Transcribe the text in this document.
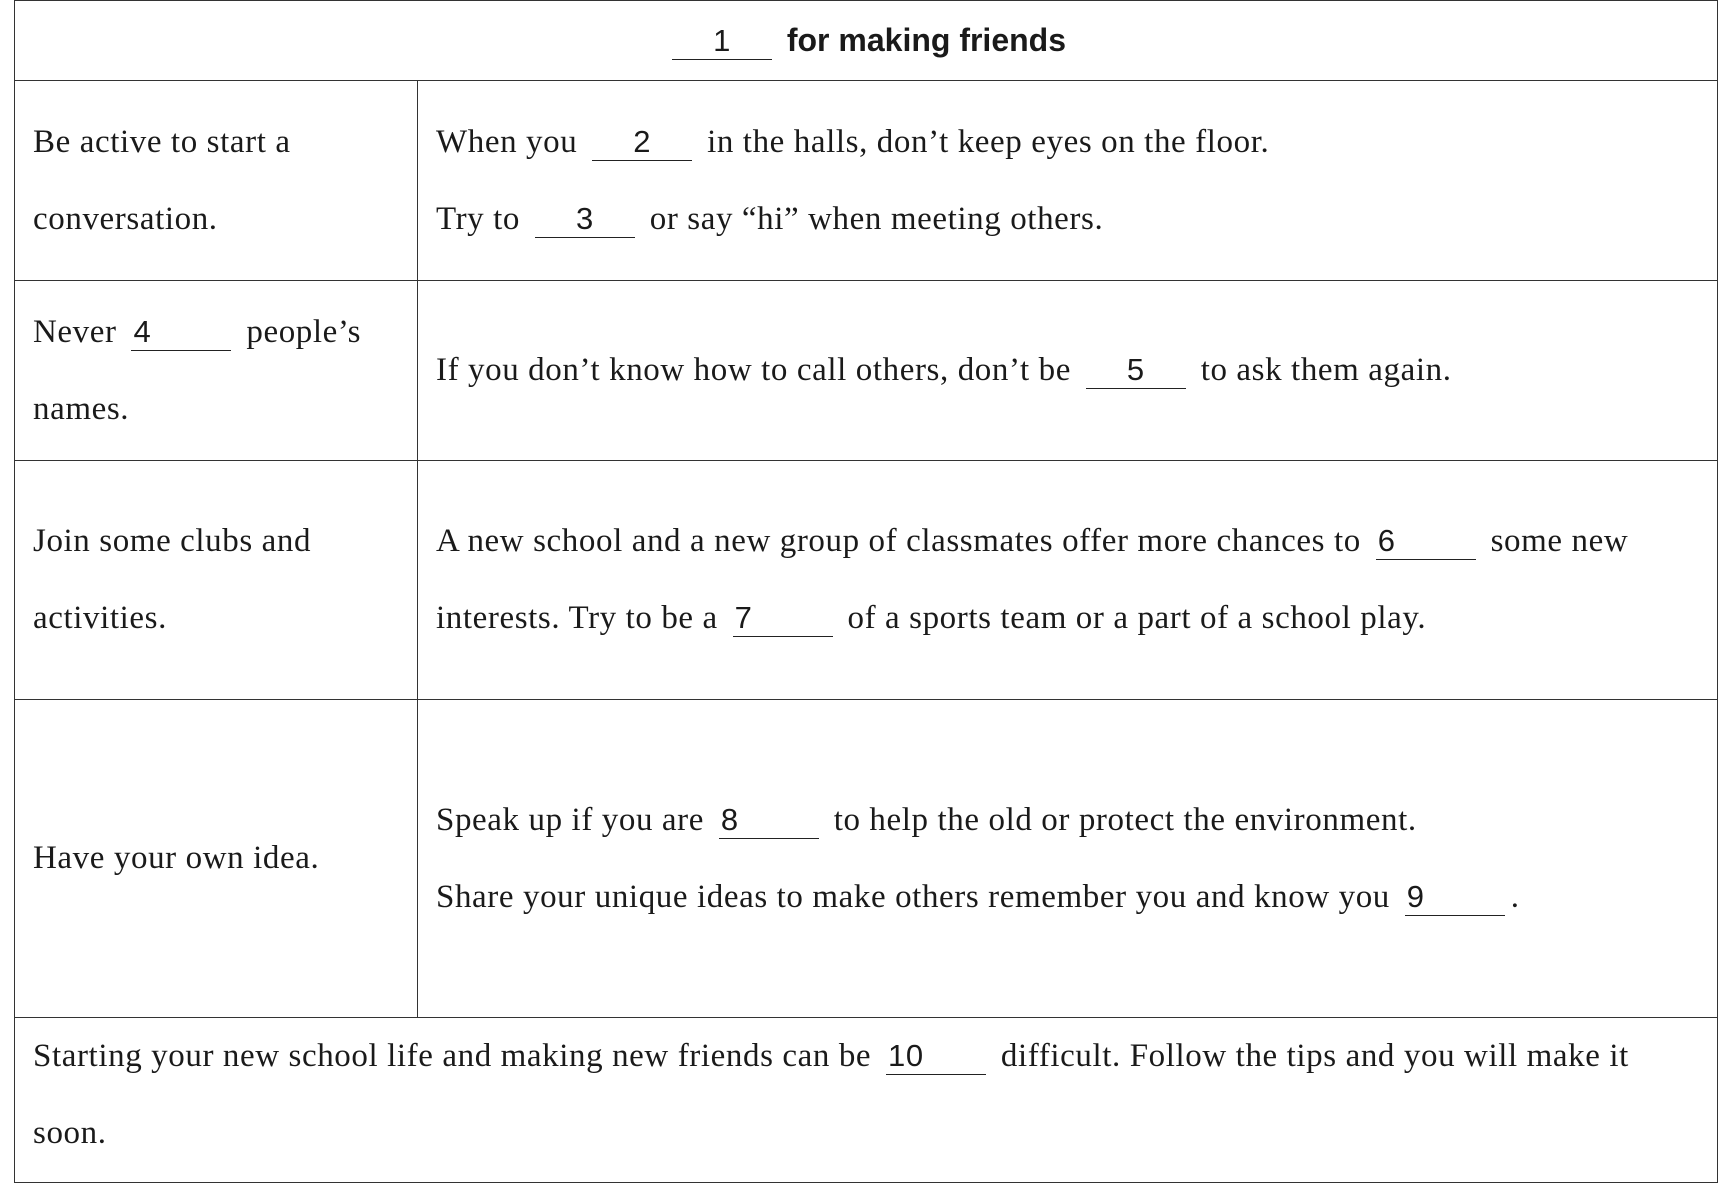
1 for making friends	
Be active to start a conversation.	When you 2 in the halls, don’t keep eyes on the floor.
Try to 3 or say “hi” when meeting others.

Never 4 people’s names.	If you don’t know how to call others, don’t be 5 to ask them again.
Join some clubs and activities.	A new school and a new group of classmates offer more chances to 6 some new interests. Try to be a 7 of a sports team or a part of a school play.
Have your own idea.	Speak up if you are 8 to help the old or protect the environment.
Share your unique ideas to make others remember you and know you 9 .

Starting your new school life and making new friends can be 10 difficult. Follow the tips and you will make it soon.	
